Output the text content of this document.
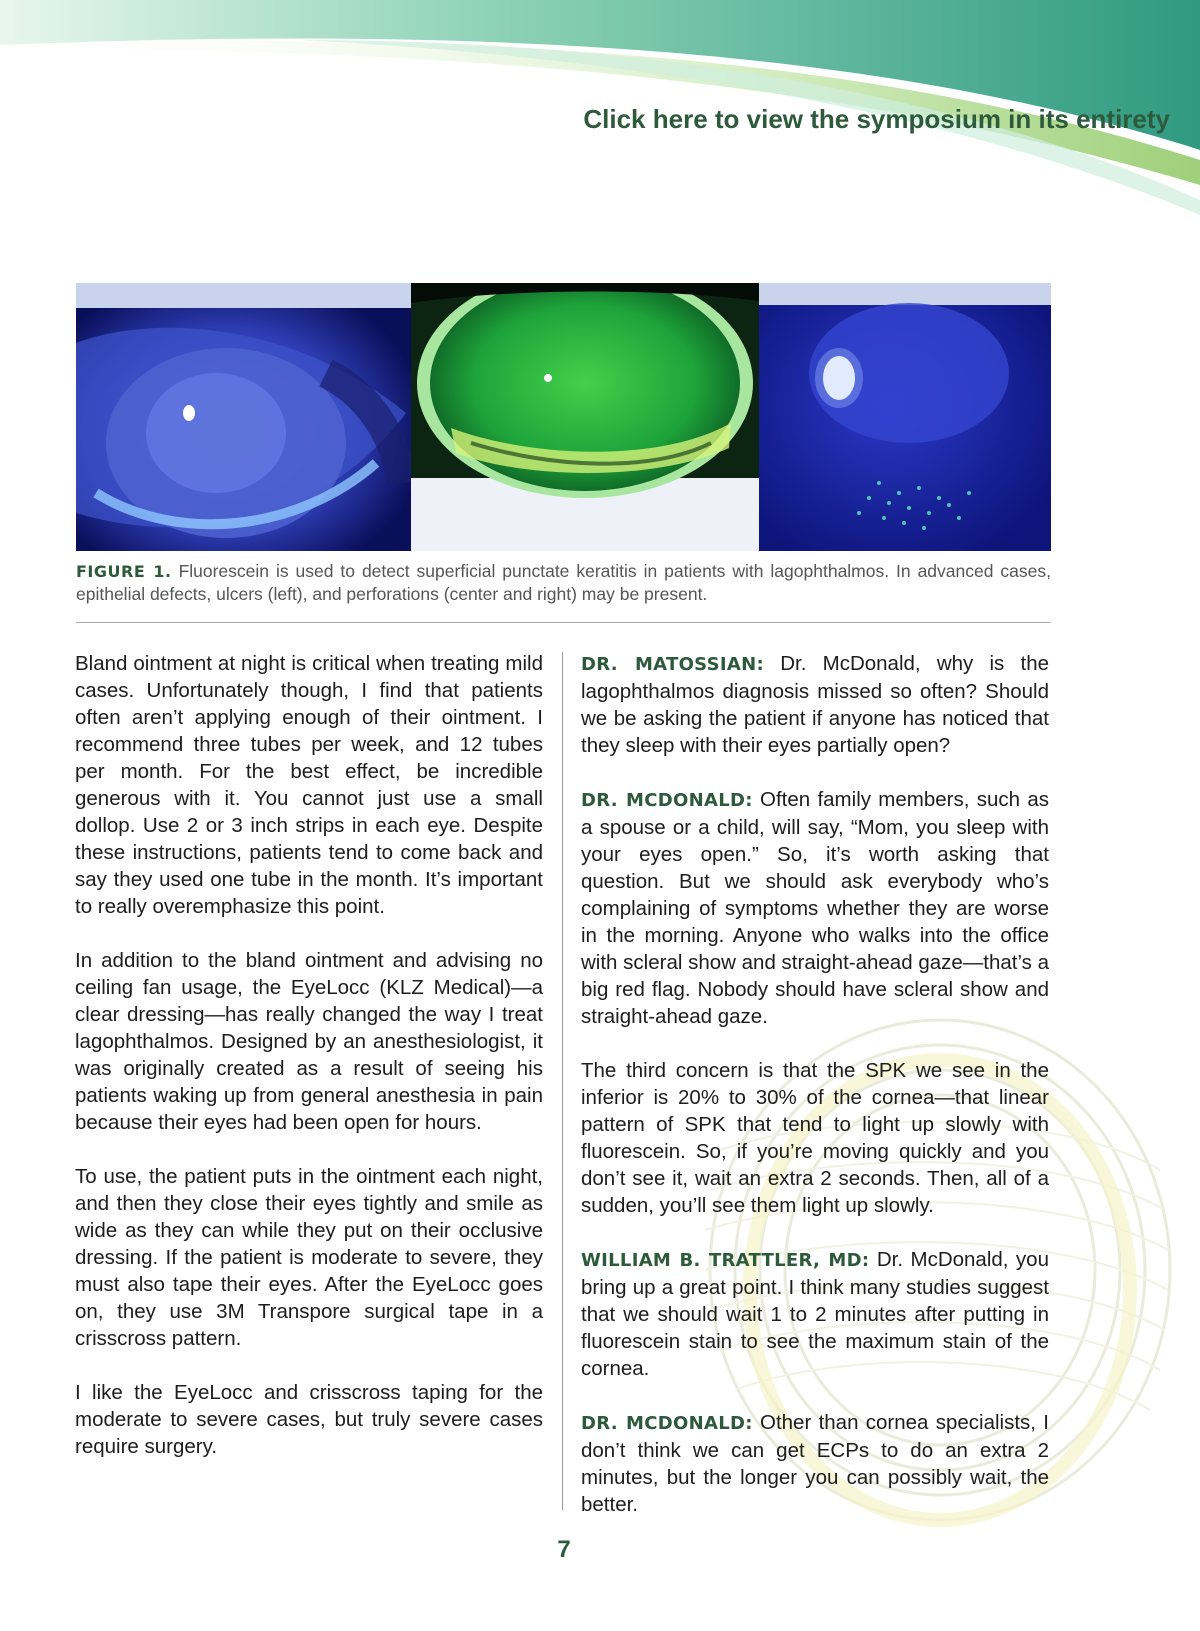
Click here to view the symposium in its entirety
FIGURE 1. Fluorescein is used to detect superficial punctate keratitis in patients with lagophthalmos. In advanced cases, epithelial defects, ulcers (left), and perforations (center and right) may be present.

Bland ointment at night is critical when treating mild cases. Unfortunately though, I find that patients often aren’t applying enough of their ointment. I recommend three tubes per week, and 12 tubes per month. For the best effect, be incredible generous with it. You cannot just use a small dollop. Use 2 or 3 inch strips in each eye. Despite these instructions, patients tend to come back and say they used one tube in the month. It’s important to really overemphasize this point.

In addition to the bland ointment and advising no ceiling fan usage, the EyeLocc (KLZ Medical)—a clear dressing—has really changed the way I treat lagophthalmos. Designed by an anesthesiologist, it was originally created as a result of seeing his patients waking up from general anesthesia in pain because their eyes had been open for hours.

To use, the patient puts in the ointment each night, and then they close their eyes tightly and smile as wide as they can while they put on their occlusive dressing. If the patient is moderate to severe, they must also tape their eyes. After the EyeLocc goes on, they use 3M Transpore surgical tape in a crisscross pattern.

I like the EyeLocc and crisscross taping for the moderate to severe cases, but truly severe cases require surgery.

DR. MATOSSIAN: Dr. McDonald, why is the lagophthalmos diagnosis missed so often? Should we be asking the patient if anyone has noticed that they sleep with their eyes partially open?

DR. MCDONALD: Often family members, such as a spouse or a child, will say, “Mom, you sleep with your eyes open.” So, it’s worth asking that question. But we should ask everybody who’s complaining of symptoms whether they are worse in the morning. Anyone who walks into the office with scleral show and straight-ahead gaze—that’s a big red flag. Nobody should have scleral show and straight-ahead gaze.

The third concern is that the SPK we see in the inferior is 20% to 30% of the cornea—that linear pattern of SPK that tend to light up slowly with fluorescein. So, if you’re moving quickly and you don’t see it, wait an extra 2 seconds. Then, all of a sudden, you’ll see them light up slowly.

WILLIAM B. TRATTLER, MD: Dr. McDonald, you bring up a great point. I think many studies suggest that we should wait 1 to 2 minutes after putting in fluorescein stain to see the maximum stain of the cornea.

DR. MCDONALD: Other than cornea specialists, I don’t think we can get ECPs to do an extra 2 minutes, but the longer you can possibly wait, the better.

7
